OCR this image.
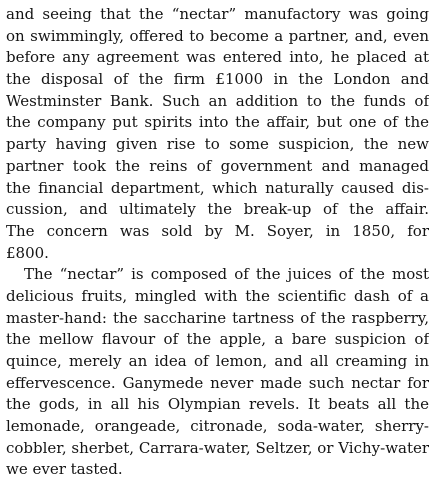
and seeing that the “nectar” manufactory was going
on swimmingly, offered to become a partner, and, even
before any agreement was entered into, he placed at
the disposal of the firm £1000 in the London and
Westminster Bank. Such an addition to the funds of
the company put spirits into the affair, but one of the
party having given rise to some suspicion, the new
partner took the reins of government and managed
the financial department, which naturally caused dis-
cussion, and ultimately the break-up of the affair.
The concern was sold by M. Soyer, in 1850, for
£800.
The “nectar” is composed of the juices of the most
delicious fruits, mingled with the scientific dash of a
master-hand: the saccharine tartness of the raspberry,
the mellow flavour of the apple, a bare suspicion of
quince, merely an idea of lemon, and all creaming in
effervescence. Ganymede never made such nectar for
the gods, in all his Olympian revels. It beats all the
lemonade, orangeade, citronade, soda-water, sherry-
cobbler, sherbet, Carrara-water, Seltzer, or Vichy-water
we ever tasted.
